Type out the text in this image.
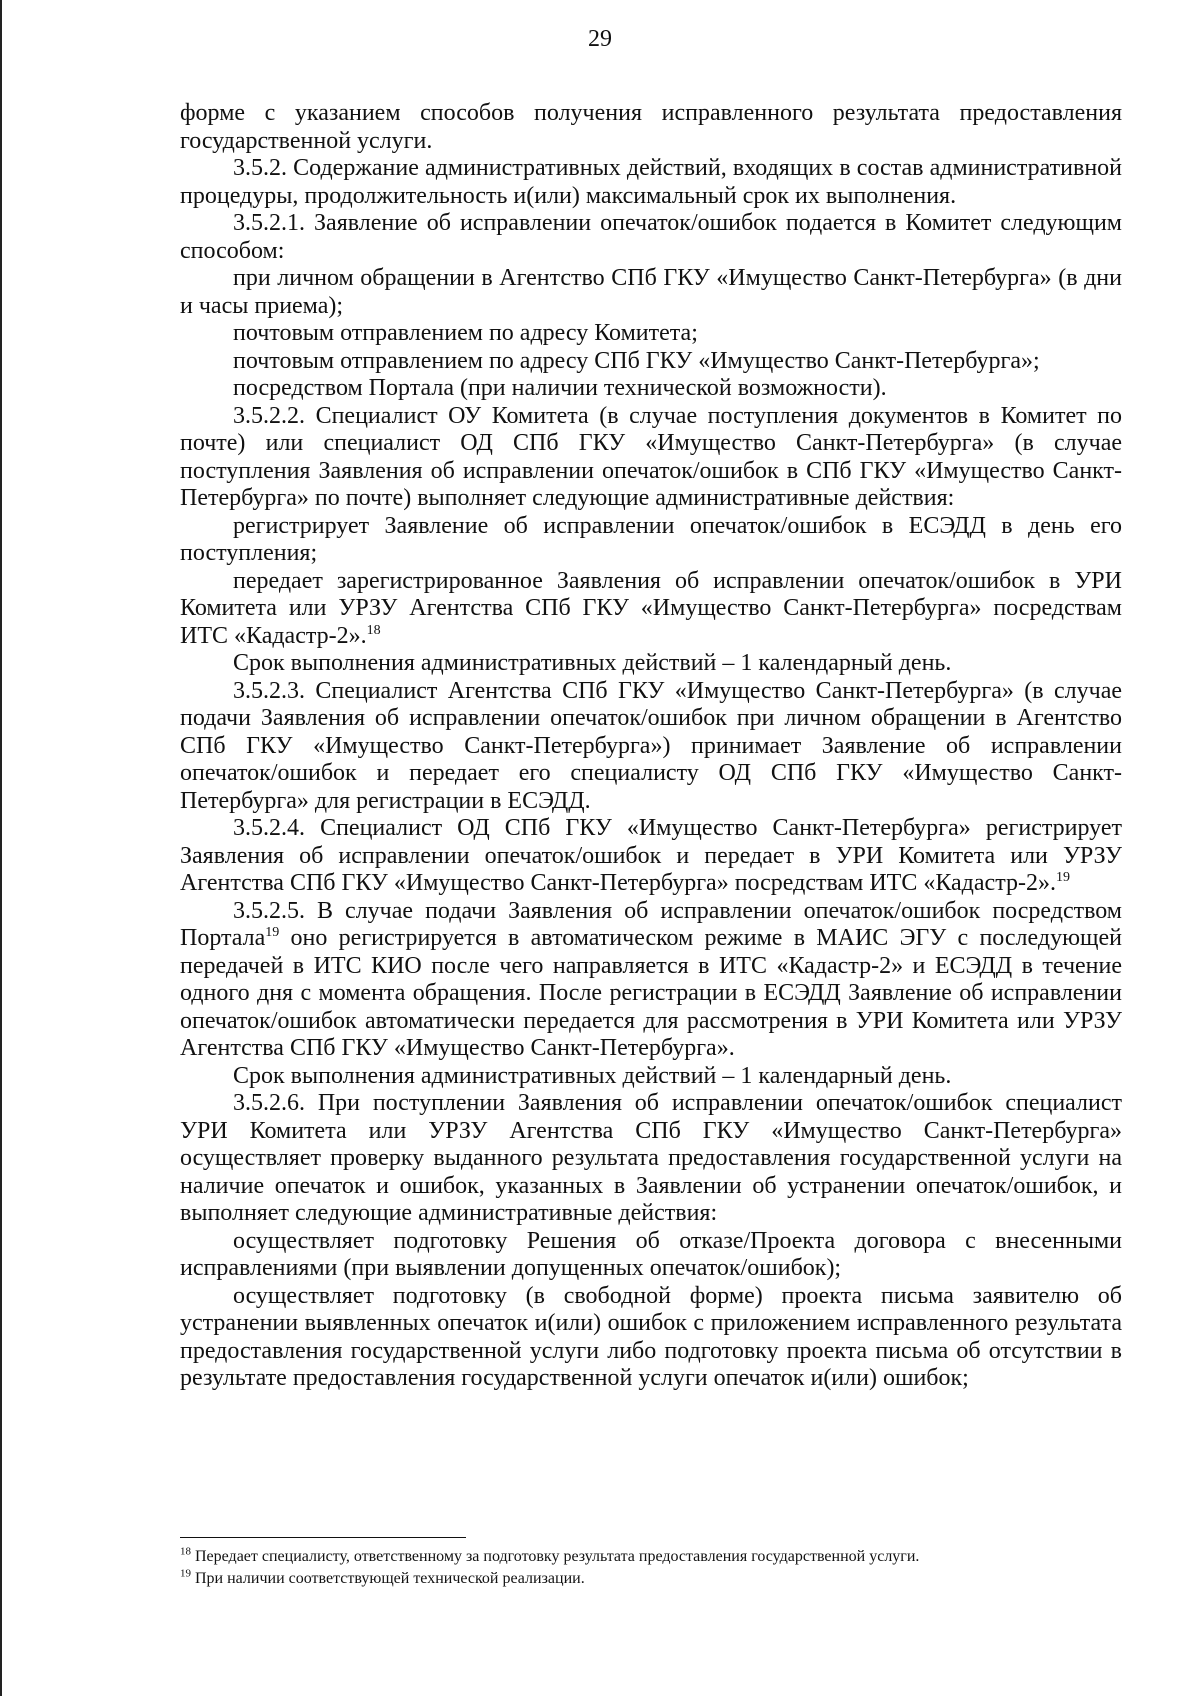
29

форме с указанием способов получения исправленного результата предоставления государственной услуги.

3.5.2. Содержание административных действий, входящих в состав административной процедуры, продолжительность и(или) максимальный срок их выполнения.

3.5.2.1. Заявление об исправлении опечаток/ошибок подается в Комитет следующим способом:

при личном обращении в Агентство СПб ГКУ «Имущество Санкт-Петербурга» (в дни и часы приема);

почтовым отправлением по адресу Комитета;

почтовым отправлением по адресу СПб ГКУ «Имущество Санкт-Петербурга»;

посредством Портала (при наличии технической возможности).

3.5.2.2. Специалист ОУ Комитета (в случае поступления документов в Комитет по почте) или специалист ОД СПб ГКУ «Имущество Санкт-Петербурга» (в случае поступления Заявления об исправлении опечаток/ошибок в СПб ГКУ «Имущество Санкт-Петербурга» по почте) выполняет следующие административные действия:

регистрирует Заявление об исправлении опечаток/ошибок в ЕСЭДД в день его поступления;

передает зарегистрированное Заявления об исправлении опечаток/ошибок в УРИ Комитета или УРЗУ Агентства СПб ГКУ «Имущество Санкт-Петербурга» посредствам ИТС «Кадастр-2».$^{18}$

Срок выполнения административных действий – 1 календарный день.

3.5.2.3. Специалист Агентства СПб ГКУ «Имущество Санкт-Петербурга» (в случае подачи Заявления об исправлении опечаток/ошибок при личном обращении в Агентство СПб ГКУ «Имущество Санкт-Петербурга») принимает Заявление об исправлении опечаток/ошибок и передает его специалисту ОД СПб ГКУ «Имущество Санкт-Петербурга» для регистрации в ЕСЭДД.

3.5.2.4. Специалист ОД СПб ГКУ «Имущество Санкт-Петербурга» регистрирует Заявления об исправлении опечаток/ошибок и передает в УРИ Комитета или УРЗУ Агентства СПб ГКУ «Имущество Санкт-Петербурга» посредствам ИТС «Кадастр-2».$^{19}$

3.5.2.5. В случае подачи Заявления об исправлении опечаток/ошибок посредством Портала$^{19}$ оно регистрируется в автоматическом режиме в МАИС ЭГУ с последующей передачей в ИТС КИО после чего направляется в ИТС «Кадастр-2» и ЕСЭДД в течение одного дня с момента обращения. После регистрации в ЕСЭДД Заявление об исправлении опечаток/ошибок автоматически передается для рассмотрения в УРИ Комитета или УРЗУ Агентства СПб ГКУ «Имущество Санкт-Петербурга».

Срок выполнения административных действий – 1 календарный день.

3.5.2.6. При поступлении Заявления об исправлении опечаток/ошибок специалист УРИ Комитета или УРЗУ Агентства СПб ГКУ «Имущество Санкт-Петербурга» осуществляет проверку выданного результата предоставления государственной услуги на наличие опечаток и ошибок, указанных в Заявлении об устранении опечаток/ошибок, и выполняет следующие административные действия:

осуществляет подготовку Решения об отказе/Проекта договора с внесенными исправлениями (при выявлении допущенных опечаток/ошибок);

осуществляет подготовку (в свободной форме) проекта письма заявителю об устранении выявленных опечаток и(или) ошибок с приложением исправленного результата предоставления государственной услуги либо подготовку проекта письма об отсутствии в результате предоставления государственной услуги опечаток и(или) ошибок;

$^{18}$ Передает специалисту, ответственному за подготовку результата предоставления государственной услуги.

$^{19}$ При наличии соответствующей технической реализации.
